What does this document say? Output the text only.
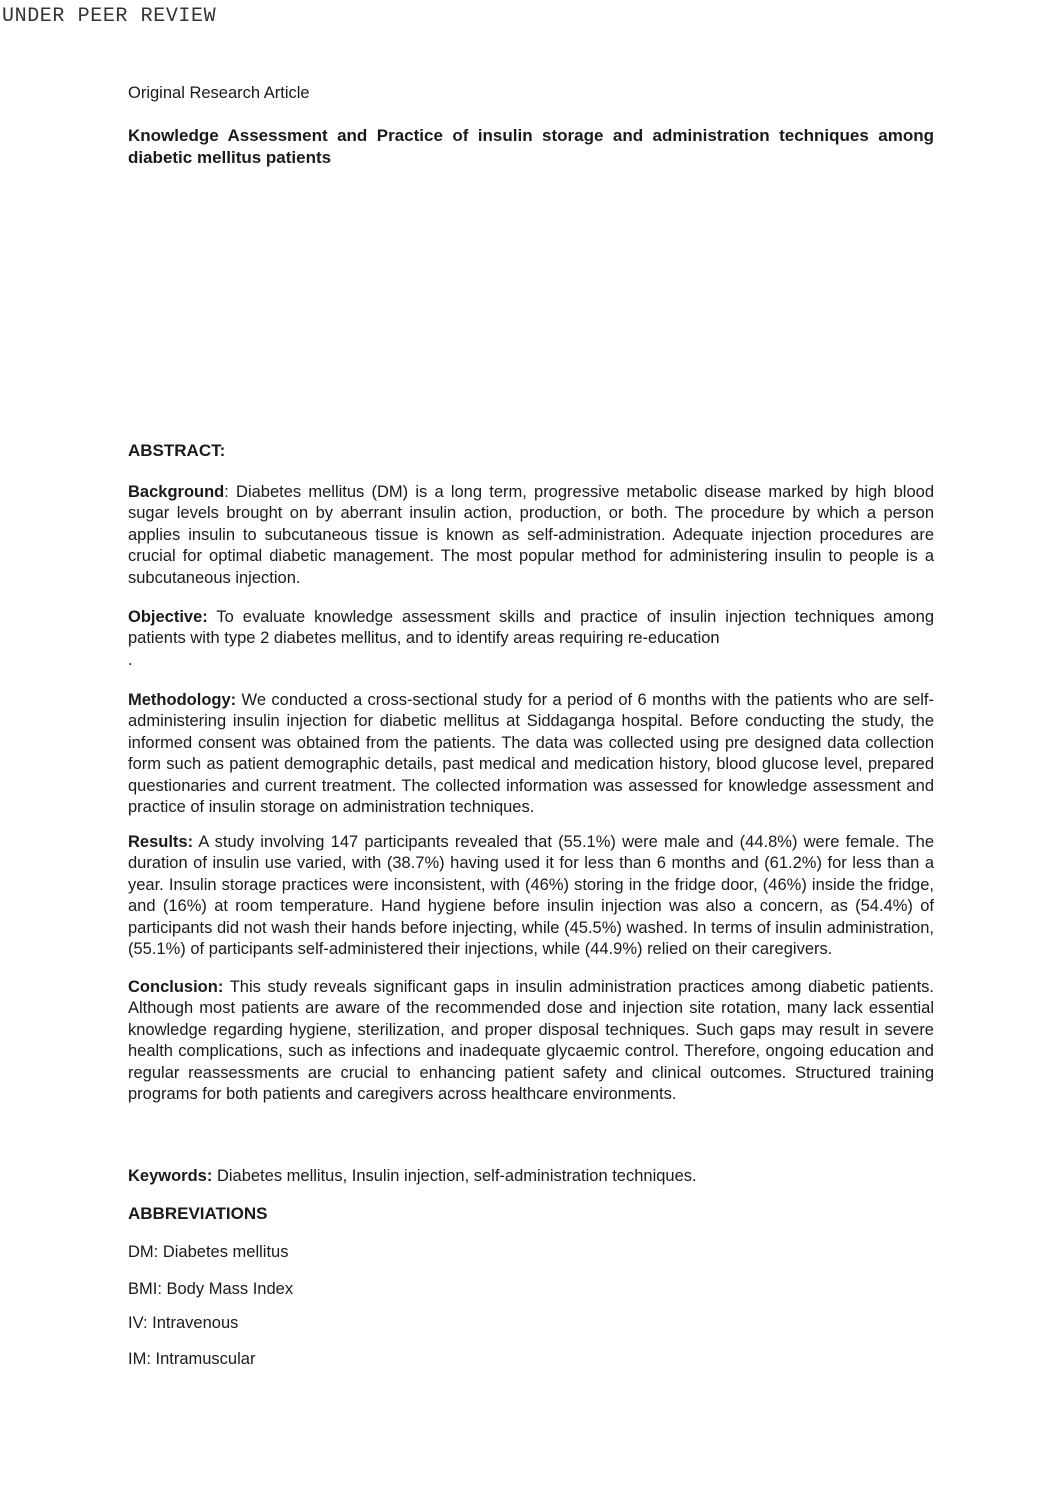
UNDER PEER REVIEW
Original Research Article
Knowledge Assessment and Practice of insulin storage and administration techniques among diabetic mellitus patients
ABSTRACT:

Background: Diabetes mellitus (DM) is a long term, progressive metabolic disease marked by high blood sugar levels brought on by aberrant insulin action, production, or both. The procedure by which a person applies insulin to subcutaneous tissue is known as self-administration. Adequate injection procedures are crucial for optimal diabetic management. The most popular method for administering insulin to people is a subcutaneous injection.

Objective: To evaluate knowledge assessment skills and practice of insulin injection techniques among patients with type 2 diabetes mellitus, and to identify areas requiring re-education

.

Methodology: We conducted a cross-sectional study for a period of 6 months with the patients who are self-administering insulin injection for diabetic mellitus at Siddaganga hospital. Before conducting the study, the informed consent was obtained from the patients. The data was collected using pre designed data collection form such as patient demographic details, past medical and medication history, blood glucose level, prepared questionaries and current treatment. The collected information was assessed for knowledge assessment and practice of insulin storage on administration techniques.

Results: A study involving 147 participants revealed that (55.1%) were male and (44.8%) were female. The duration of insulin use varied, with (38.7%) having used it for less than 6 months and (61.2%) for less than a year. Insulin storage practices were inconsistent, with (46%) storing in the fridge door, (46%) inside the fridge, and (16%) at room temperature. Hand hygiene before insulin injection was also a concern, as (54.4%) of participants did not wash their hands before injecting, while (45.5%) washed. In terms of insulin administration, (55.1%) of participants self-administered their injections, while (44.9%) relied on their caregivers.

Conclusion: This study reveals significant gaps in insulin administration practices among diabetic patients. Although most patients are aware of the recommended dose and injection site rotation, many lack essential knowledge regarding hygiene, sterilization, and proper disposal techniques. Such gaps may result in severe health complications, such as infections and inadequate glycaemic control. Therefore, ongoing education and regular reassessments are crucial to enhancing patient safety and clinical outcomes. Structured training programs for both patients and caregivers across healthcare environments.

Keywords: Diabetes mellitus, Insulin injection, self-administration techniques.

ABBREVIATIONS
DM: Diabetes mellitus
BMI: Body Mass Index
IV: Intravenous
IM: Intramuscular
